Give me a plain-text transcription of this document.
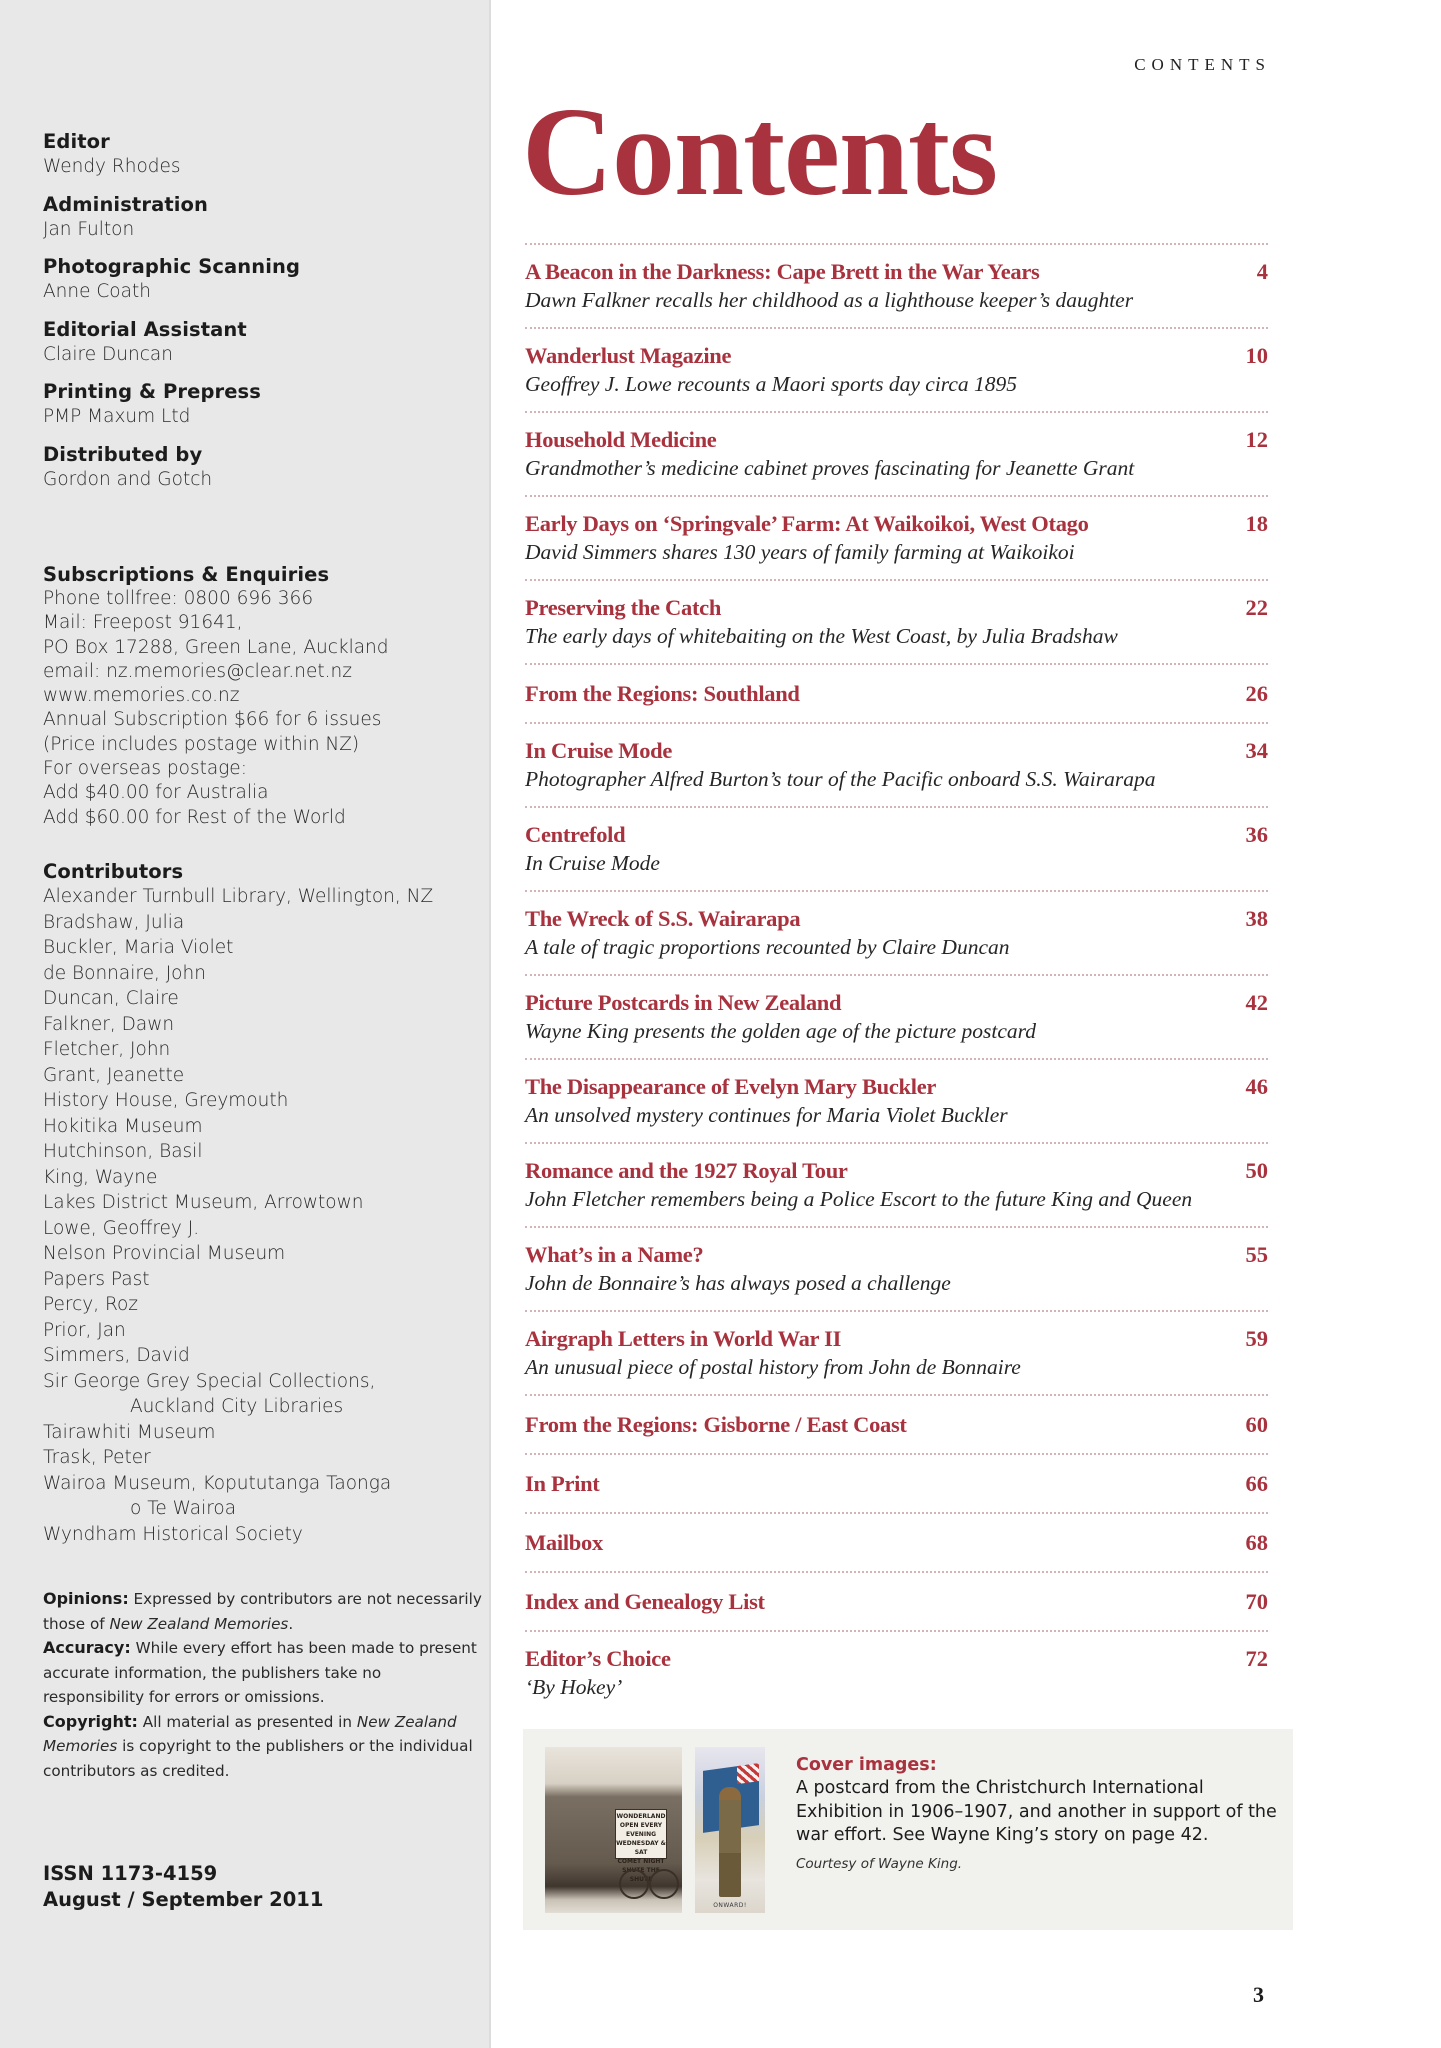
Editor
Wendy Rhodes
Administration
Jan Fulton
Photographic Scanning
Anne Coath
Editorial Assistant
Claire Duncan
Printing & Prepress
PMP Maxum Ltd
Distributed by
Gordon and Gotch
Subscriptions & Enquiries
Phone tollfree: 0800 696 366
Mail: Freepost 91641,
PO Box 17288, Green Lane, Auckland
email: nz.memories@clear.net.nz
www.memories.co.nz
Annual Subscription $66 for 6 issues
(Price includes postage within NZ)
For overseas postage:
Add $40.00 for Australia
Add $60.00 for Rest of the World
Contributors
Alexander Turnbull Library, Wellington, NZ
Bradshaw, Julia
Buckler, Maria Violet
de Bonnaire, John
Duncan, Claire
Falkner, Dawn
Fletcher, John
Grant, Jeanette
History House, Greymouth
Hokitika Museum
Hutchinson, Basil
King, Wayne
Lakes District Museum, Arrowtown
Lowe, Geoffrey J.
Nelson Provincial Museum
Papers Past
Percy, Roz
Prior, Jan
Simmers, David
Sir George Grey Special Collections,
Auckland City Libraries
Tairawhiti Museum
Trask, Peter
Wairoa Museum, Kopututanga Taonga
o Te Wairoa
Wyndham Historical Society
Opinions: Expressed by contributors are not necessarily those of New Zealand Memories.
Accuracy: While every effort has been made to present accurate information, the publishers take no responsibility for errors or omissions.
Copyright: All material as presented in New Zealand Memories is copyright to the publishers or the individual contributors as credited.
ISSN 1173-4159
August / September 2011
CONTENTS
Contents
A Beacon in the Darkness: Cape Brett in the War Years	4
Dawn Falkner recalls her childhood as a lighthouse keeper’s daughter
Wanderlust Magazine	10
Geoffrey J. Lowe recounts a Maori sports day circa 1895
Household Medicine	12
Grandmother’s medicine cabinet proves fascinating for Jeanette Grant
Early Days on ‘Springvale’ Farm: At Waikoikoi, West Otago	18
David Simmers shares 130 years of family farming at Waikoikoi
Preserving the Catch	22
The early days of whitebaiting on the West Coast, by Julia Bradshaw
From the Regions: Southland	26
In Cruise Mode	34
Photographer Alfred Burton’s tour of the Pacific onboard S.S. Wairarapa
Centrefold	36
In Cruise Mode
The Wreck of S.S. Wairarapa	38
A tale of tragic proportions recounted by Claire Duncan
Picture Postcards in New Zealand	42
Wayne King presents the golden age of the picture postcard
The Disappearance of Evelyn Mary Buckler	46
An unsolved mystery continues for Maria Violet Buckler
Romance and the 1927 Royal Tour	50
John Fletcher remembers being a Police Escort to the future King and Queen
What’s in a Name?	55
John de Bonnaire’s has always posed a challenge
Airgraph Letters in World War II	59
An unusual piece of postal history from John de Bonnaire
From the Regions: Gisborne / East Coast	60
In Print	66
Mailbox	68
Index and Genealogy List	70
Editor’s Choice	72
‘By Hokey’
WONDERLAND
OPEN EVERY EVENING
WEDNESDAY & SAT
COMET NIGHT
SHUTE THE SHUTE
ONWARD!
Cover images:
A postcard from the Christchurch International Exhibition in 1906–1907, and another in support of the war effort. See Wayne King’s story on page 42.
Courtesy of Wayne King.
3
